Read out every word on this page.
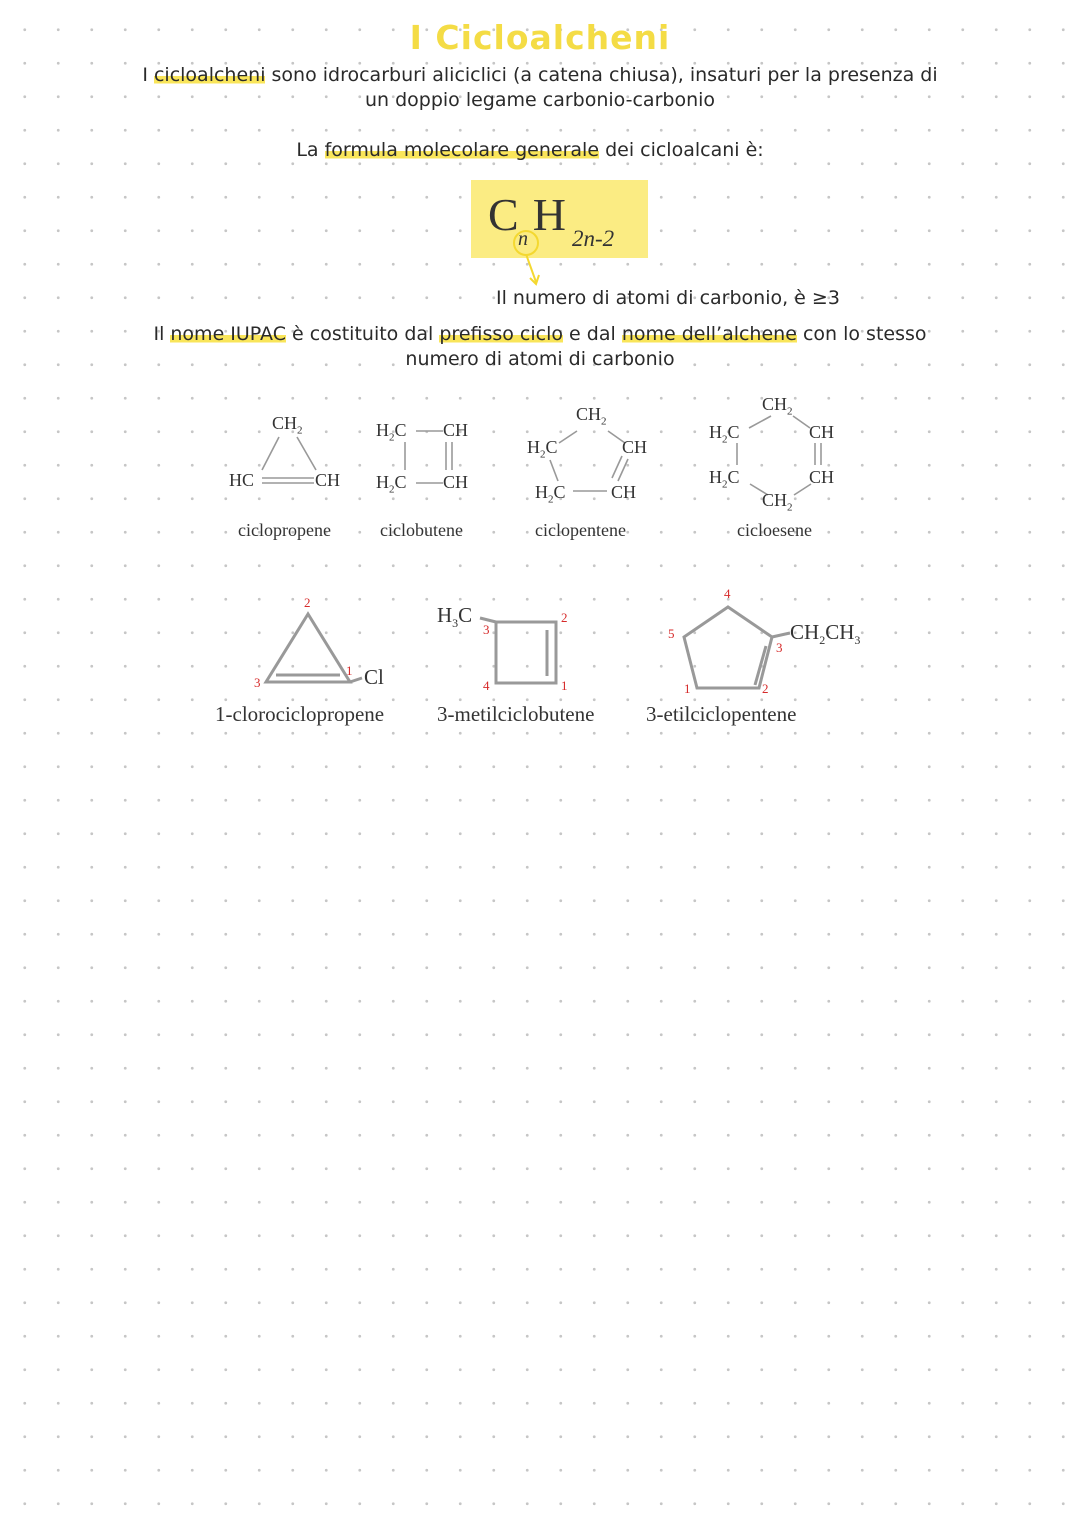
I Cicloalcheni
I cicloalcheni sono idrocarburi aliciclici (a catena chiusa), insaturi per la presenza di
un doppio legame carbonio-carbonio
La formula molecolare generale dei cicloalcani è:
C H
n 2n-2
Il numero di atomi di carbonio, è ≥3
Il nome IUPAC è costituito dal prefisso ciclo e dal nome dell’alchene con lo stesso
numero di atomi di carbonio
$CH_2$
HC	CH
ciclopropene
$H_2C$ CH
$H_2C$ CH
ciclobutene
$CH_2$
$H_2C$	CH
$H_2C$	CH
ciclopentene
$CH_2$
$H_2C$	CH
$H_2C$	CH
$CH_2$
cicloesene
2
3
1 Cl
1-clorociclopropene
$H_3C$
3
2
4	1
3-metilciclobutene
4
5
3
1	2
$CH_2CH_3$
3-etilciclopentene
